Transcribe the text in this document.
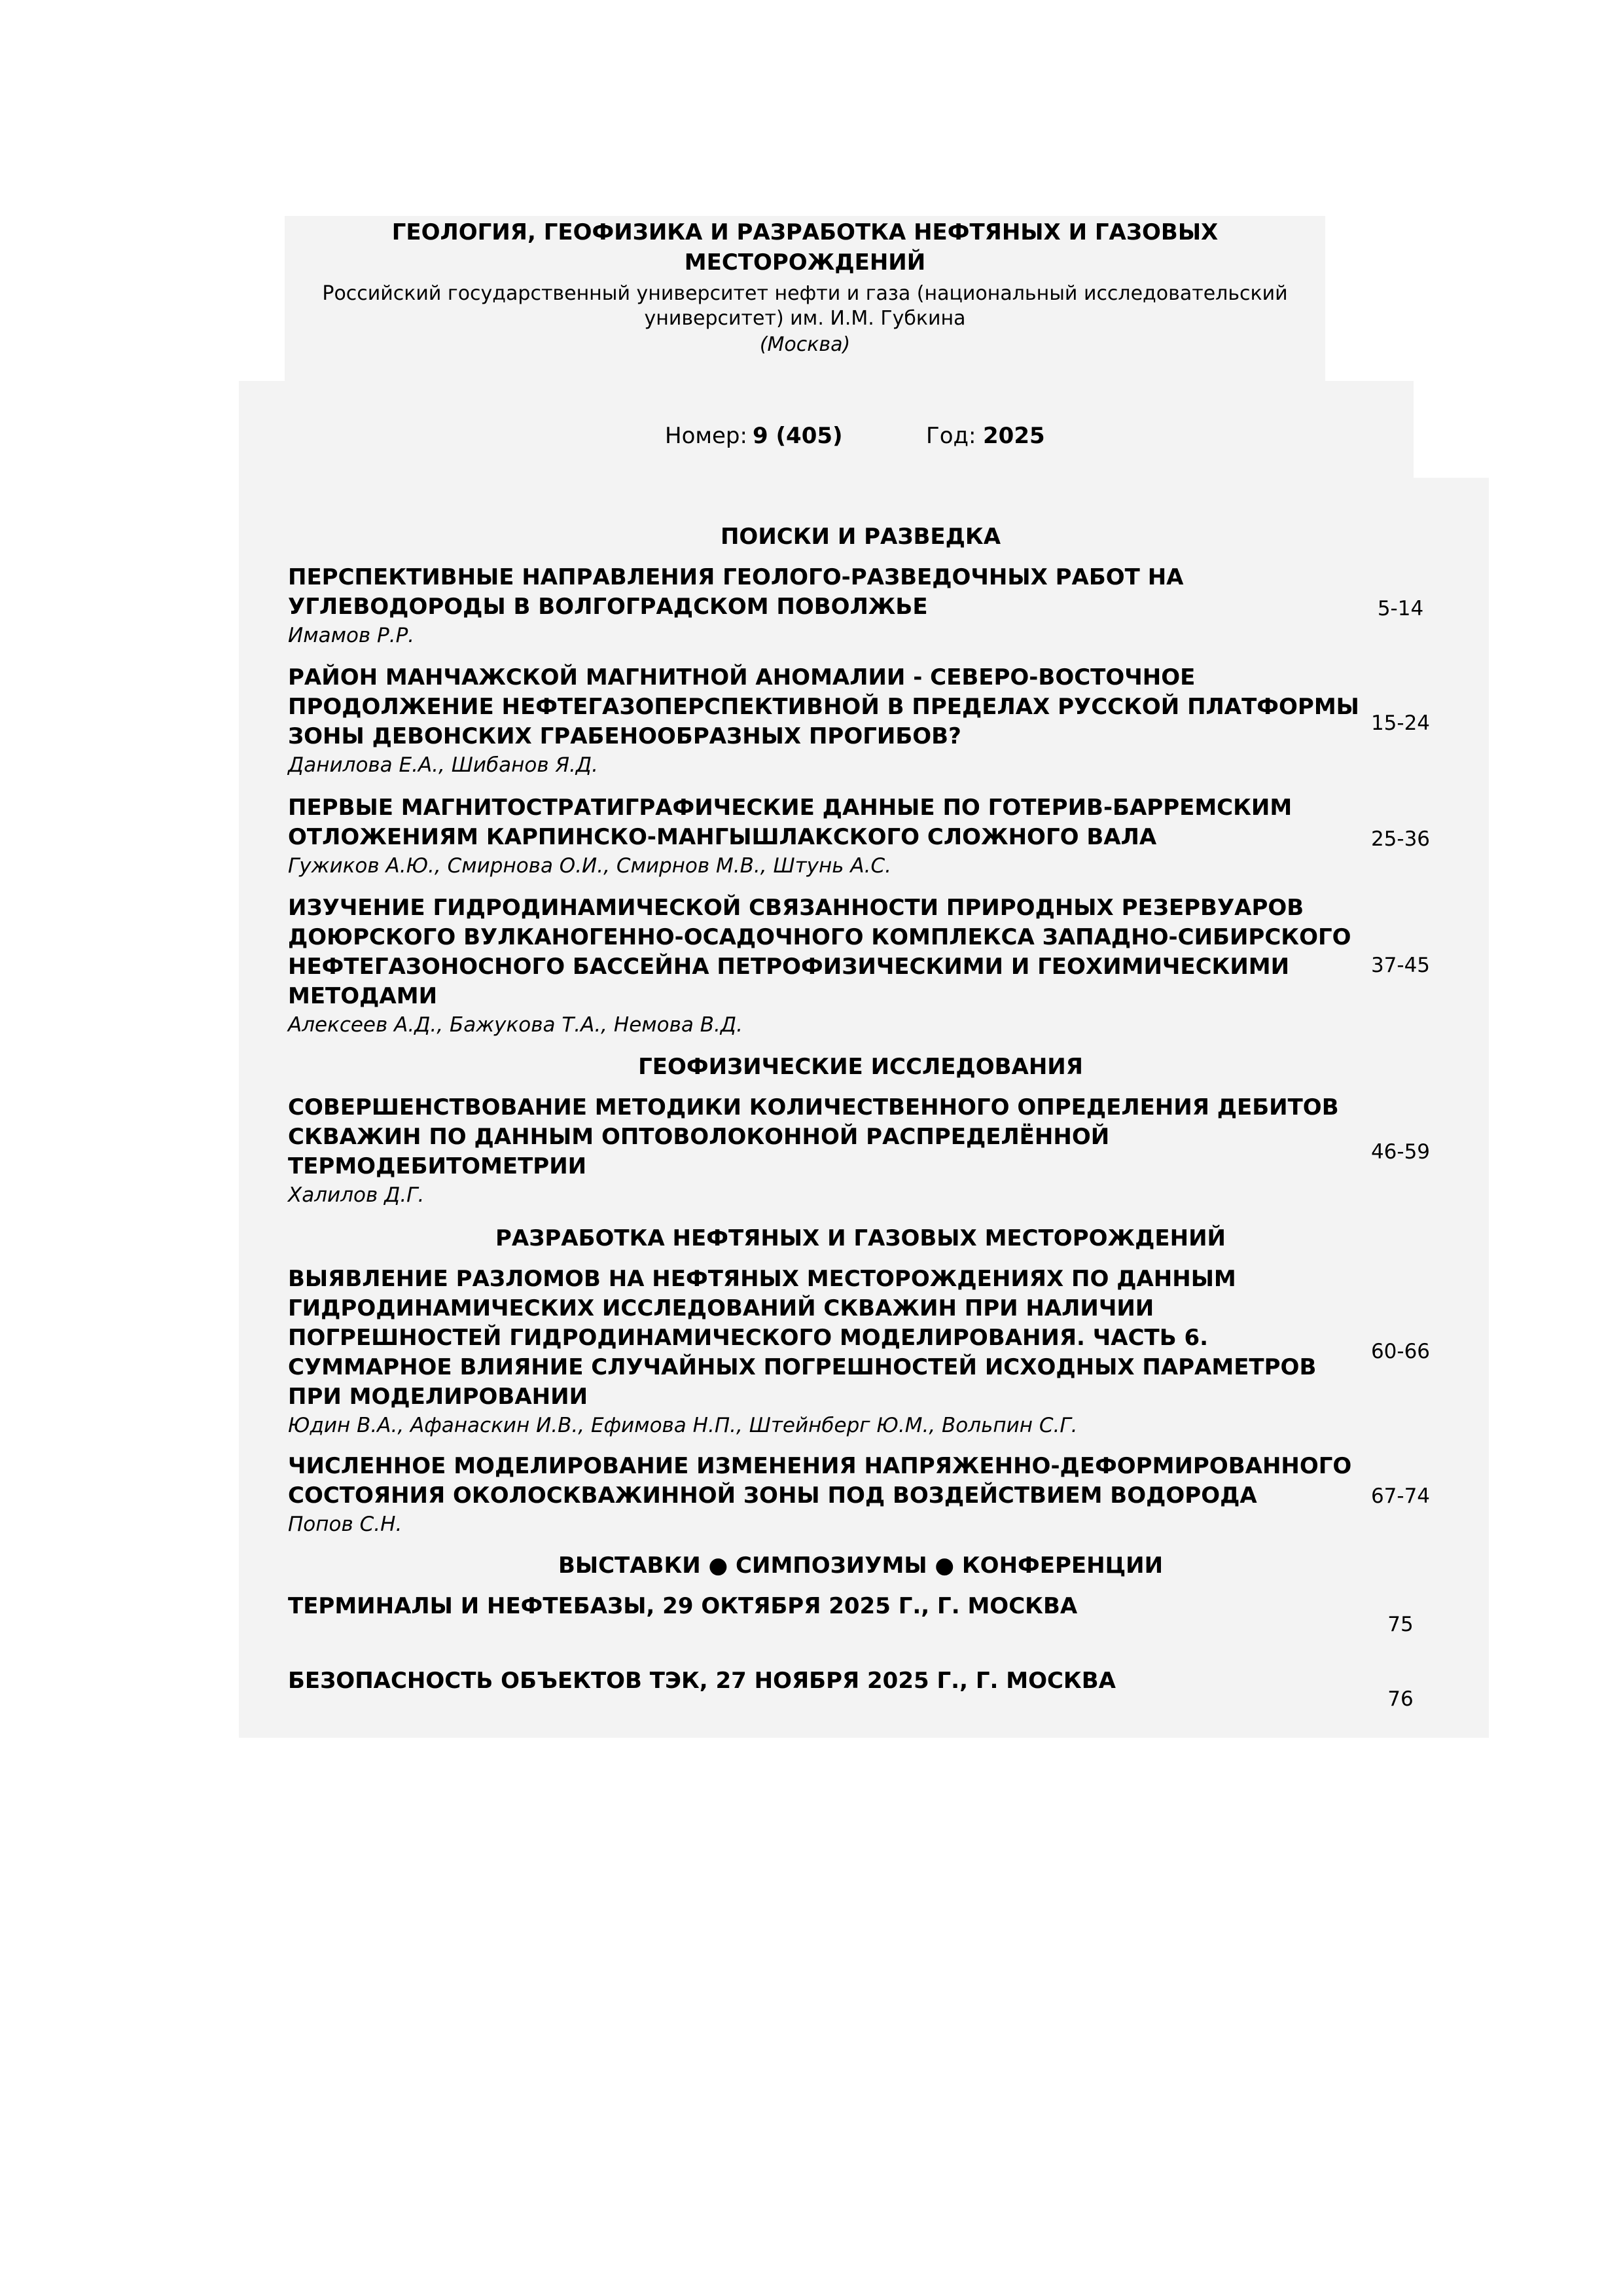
ГЕОЛОГИЯ, ГЕОФИЗИКА И РАЗРАБОТКА НЕФТЯНЫХ И ГАЗОВЫХ
МЕСТОРОЖДЕНИЙ
Российский государственный университет нефти и газа (национальный исследовательский
университет) им. И.М. Губкина
(Москва)
Номер: 9 (405)	Год: 2025
ПОИСКИ И РАЗВЕДКА
ПЕРСПЕКТИВНЫЕ НАПРАВЛЕНИЯ ГЕОЛОГО-РАЗВЕДОЧНЫХ РАБОТ НА
УГЛЕВОДОРОДЫ В ВОЛГОГРАДСКОМ ПОВОЛЖЬЕ
Имамов Р.Р.
5-14
РАЙОН МАНЧАЖСКОЙ МАГНИТНОЙ АНОМАЛИИ - СЕВЕРО-ВОСТОЧНОЕ
ПРОДОЛЖЕНИЕ НЕФТЕГАЗОПЕРСПЕКТИВНОЙ В ПРЕДЕЛАХ РУССКОЙ ПЛАТФОРМЫ
ЗОНЫ ДЕВОНСКИХ ГРАБЕНООБРАЗНЫХ ПРОГИБОВ?
Данилова Е.А., Шибанов Я.Д.
15-24
ПЕРВЫЕ МАГНИТОСТРАТИГРАФИЧЕСКИЕ ДАННЫЕ ПО ГОТЕРИВ-БАРРЕМСКИМ
ОТЛОЖЕНИЯМ КАРПИНСКО-МАНГЫШЛАКСКОГО СЛОЖНОГО ВАЛА
Гужиков А.Ю., Смирнова О.И., Смирнов М.В., Штунь А.С.
25-36
ИЗУЧЕНИЕ ГИДРОДИНАМИЧЕСКОЙ СВЯЗАННОСТИ ПРИРОДНЫХ РЕЗЕРВУАРОВ
ДОЮРСКОГО ВУЛКАНОГЕННО-ОСАДОЧНОГО КОМПЛЕКСА ЗАПАДНО-СИБИРСКОГО
НЕФТЕГАЗОНОСНОГО БАССЕЙНА ПЕТРОФИЗИЧЕСКИМИ И ГЕОХИМИЧЕСКИМИ
МЕТОДАМИ
Алексеев А.Д., Бажукова Т.А., Немова В.Д.
37-45
ГЕОФИЗИЧЕСКИЕ ИССЛЕДОВАНИЯ
СОВЕРШЕНСТВОВАНИЕ МЕТОДИКИ КОЛИЧЕСТВЕННОГО ОПРЕДЕЛЕНИЯ ДЕБИТОВ
СКВАЖИН ПО ДАННЫМ ОПТОВОЛОКОННОЙ РАСПРЕДЕЛЁННОЙ
ТЕРМОДЕБИТОМЕТРИИ
Халилов Д.Г.
46-59
РАЗРАБОТКА НЕФТЯНЫХ И ГАЗОВЫХ МЕСТОРОЖДЕНИЙ
ВЫЯВЛЕНИЕ РАЗЛОМОВ НА НЕФТЯНЫХ МЕСТОРОЖДЕНИЯХ ПО ДАННЫМ
ГИДРОДИНАМИЧЕСКИХ ИССЛЕДОВАНИЙ СКВАЖИН ПРИ НАЛИЧИИ
ПОГРЕШНОСТЕЙ ГИДРОДИНАМИЧЕСКОГО МОДЕЛИРОВАНИЯ. ЧАСТЬ 6.
СУММАРНОЕ ВЛИЯНИЕ СЛУЧАЙНЫХ ПОГРЕШНОСТЕЙ ИСХОДНЫХ ПАРАМЕТРОВ
ПРИ МОДЕЛИРОВАНИИ
Юдин В.А., Афанаскин И.В., Ефимова Н.П., Штейнберг Ю.М., Вольпин С.Г.
60-66
ЧИСЛЕННОЕ МОДЕЛИРОВАНИЕ ИЗМЕНЕНИЯ НАПРЯЖЕННО-ДЕФОРМИРОВАННОГО
СОСТОЯНИЯ ОКОЛОСКВАЖИННОЙ ЗОНЫ ПОД ВОЗДЕЙСТВИЕМ ВОДОРОДА
Попов С.Н.
67-74
ВЫСТАВКИ ● СИМПОЗИУМЫ ● КОНФЕРЕНЦИИ
ТЕРМИНАЛЫ И НЕФТЕБАЗЫ, 29 ОКТЯБРЯ 2025 Г., Г. МОСКВА
75
БЕЗОПАСНОСТЬ ОБЪЕКТОВ ТЭК, 27 НОЯБРЯ 2025 Г., Г. МОСКВА
76
